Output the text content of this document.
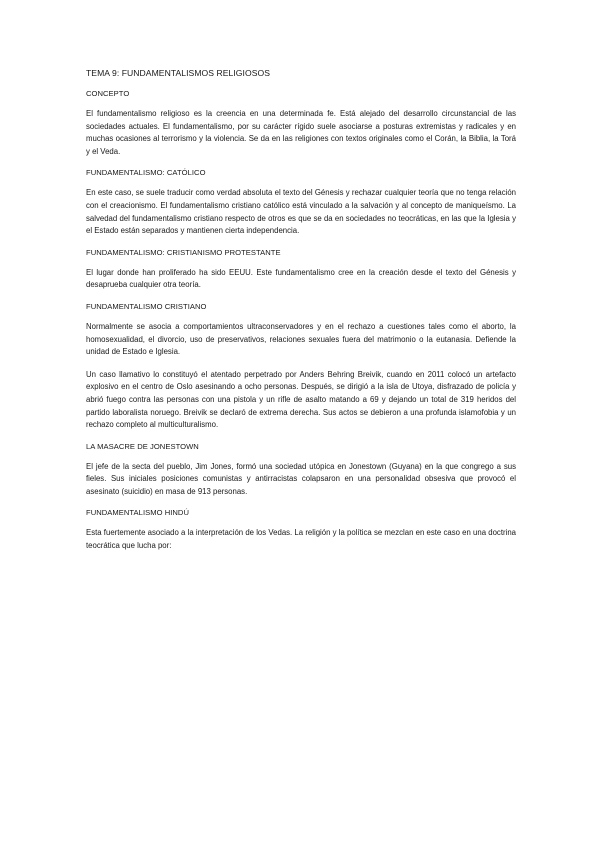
TEMA 9: FUNDAMENTALISMOS RELIGIOSOS
CONCEPTO

El fundamentalismo religioso es la creencia en una determinada fe. Está alejado del desarrollo circunstancial de las sociedades actuales. El fundamentalismo, por su carácter rígido suele asociarse a posturas extremistas y radicales y en muchas ocasiones al terrorismo y la violencia. Se da en las religiones con textos originales como el Corán, la Biblia, la Torá y el Veda.

FUNDAMENTALISMO: CATÓLICO

En este caso, se suele traducir como verdad absoluta el texto del Génesis y rechazar cualquier teoría que no tenga relación con el creacionismo. El fundamentalismo cristiano católico está vinculado a la salvación y al concepto de maniqueísmo. La salvedad del fundamentalismo cristiano respecto de otros es que se da en sociedades no teocráticas, en las que la Iglesia y el Estado están separados y mantienen cierta independencia.

FUNDAMENTALISMO: CRISTIANISMO PROTESTANTE

El lugar donde han proliferado ha sido EEUU. Este fundamentalismo cree en la creación desde el texto del Génesis y desaprueba cualquier otra teoría.

FUNDAMENTALISMO CRISTIANO

Normalmente se asocia a comportamientos ultraconservadores y en el rechazo a cuestiones tales como el aborto, la homosexualidad, el divorcio, uso de preservativos, relaciones sexuales fuera del matrimonio o la eutanasia. Defiende la unidad de Estado e Iglesia.

Un caso llamativo lo constituyó el atentado perpetrado por Anders Behring Breivik, cuando en 2011 colocó un artefacto explosivo en el centro de Oslo asesinando a ocho personas. Después, se dirigió a la isla de Utoya, disfrazado de policía y abrió fuego contra las personas con una pistola y un rifle de asalto matando a 69 y dejando un total de 319 heridos del partido laboralista noruego. Breivik se declaró de extrema derecha. Sus actos se debieron a una profunda islamofobia y un rechazo completo al multiculturalismo.

LA MASACRE DE JONESTOWN

El jefe de la secta del pueblo, Jim Jones, formó una sociedad utópica en Jonestown (Guyana) en la que congrego a sus fieles. Sus iniciales posiciones comunistas y antirracistas colapsaron en una personalidad obsesiva que provocó el asesinato (suicidio) en masa de 913 personas.

FUNDAMENTALISMO HINDÚ

Esta fuertemente asociado a la interpretación de los Vedas. La religión y la política se mezclan en este caso en una doctrina teocrática que lucha por:
